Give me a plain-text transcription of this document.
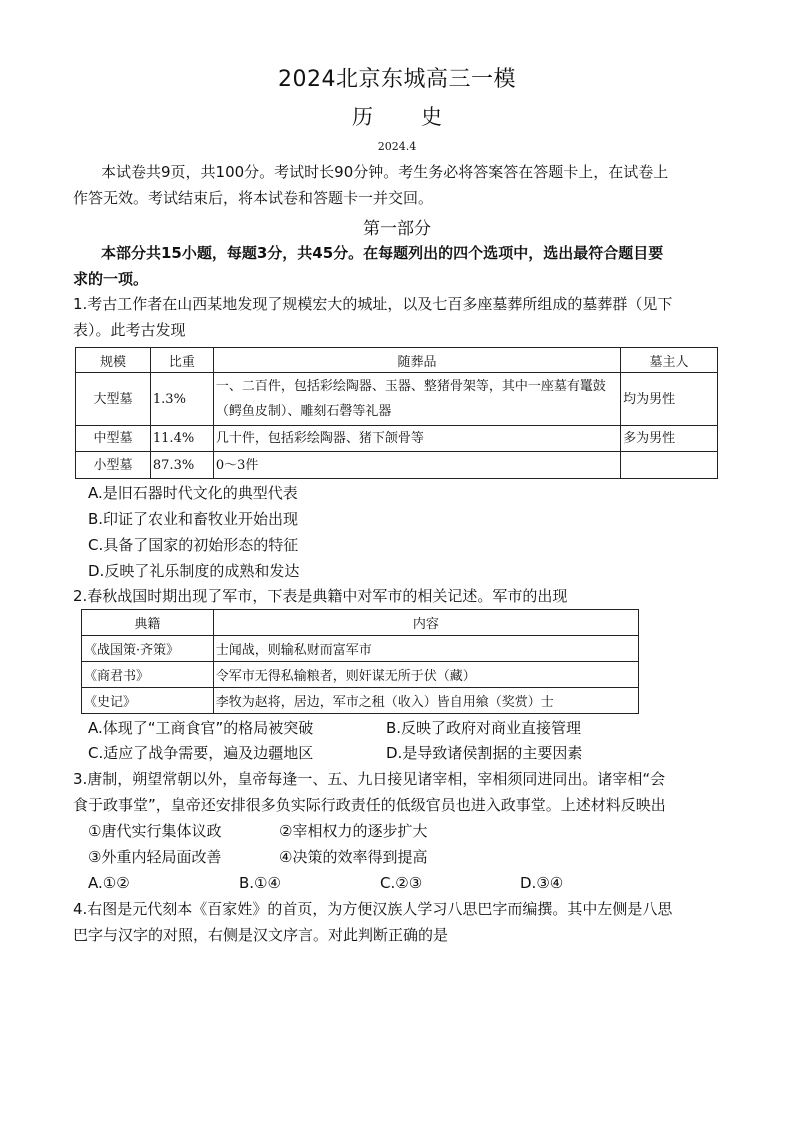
2024北京东城高三一模
历 史
2024.4
本试卷共9页，共100分。考试时长90分钟。考生务必将答案答在答题卡上，在试卷上
作答无效。考试结束后，将本试卷和答题卡一并交回。
第一部分
本部分共15小题，每题3分，共45分。在每题列出的四个选项中，选出最符合题目要
求的一项。
1.考古工作者在山西某地发现了规模宏大的城址，以及七百多座墓葬所组成的墓葬群（见下
表）。此考古发现
规模	比重	随葬品	墓主人
大型墓	1.3%	一、二百件，包括彩绘陶器、玉器、整猪骨架等，其中一座墓有鼍鼓（鳄鱼皮制）、雕刻石磬等礼器	均为男性
中型墓	11.4%	几十件，包括彩绘陶器、猪下颌骨等	多为男性
小型墓	87.3%	0～3件	
A.是旧石器时代文化的典型代表
B.印证了农业和畜牧业开始出现
C.具备了国家的初始形态的特征
D.反映了礼乐制度的成熟和发达
2.春秋战国时期出现了军市，下表是典籍中对军市的相关记述。军市的出现
典籍	内容
《战国策·齐策》	士闻战，则输私财而富军市
《商君书》	令军市无得私输粮者，则奸谋无所于伏（藏）
《史记》	李牧为赵将，居边，军市之租（收入）皆自用飨（奖赏）士
A.体现了“工商食官”的格局被突破	B.反映了政府对商业直接管理
C.适应了战争需要，遍及边疆地区	D.是导致诸侯割据的主要因素
3.唐制，朔望常朝以外，皇帝每逢一、五、九日接见诸宰相，宰相须同进同出。诸宰相“会
食于政事堂”，皇帝还安排很多负实际行政责任的低级官员也进入政事堂。上述材料反映出
①唐代实行集体议政	②宰相权力的逐步扩大
③外重内轻局面改善	④决策的效率得到提高
A.①②	B.①④	C.②③	D.③④
4.右图是元代刻本《百家姓》的首页，为方便汉族人学习八思巴字而编撰。其中左侧是八思
巴字与汉字的对照，右侧是汉文序言。对此判断正确的是
